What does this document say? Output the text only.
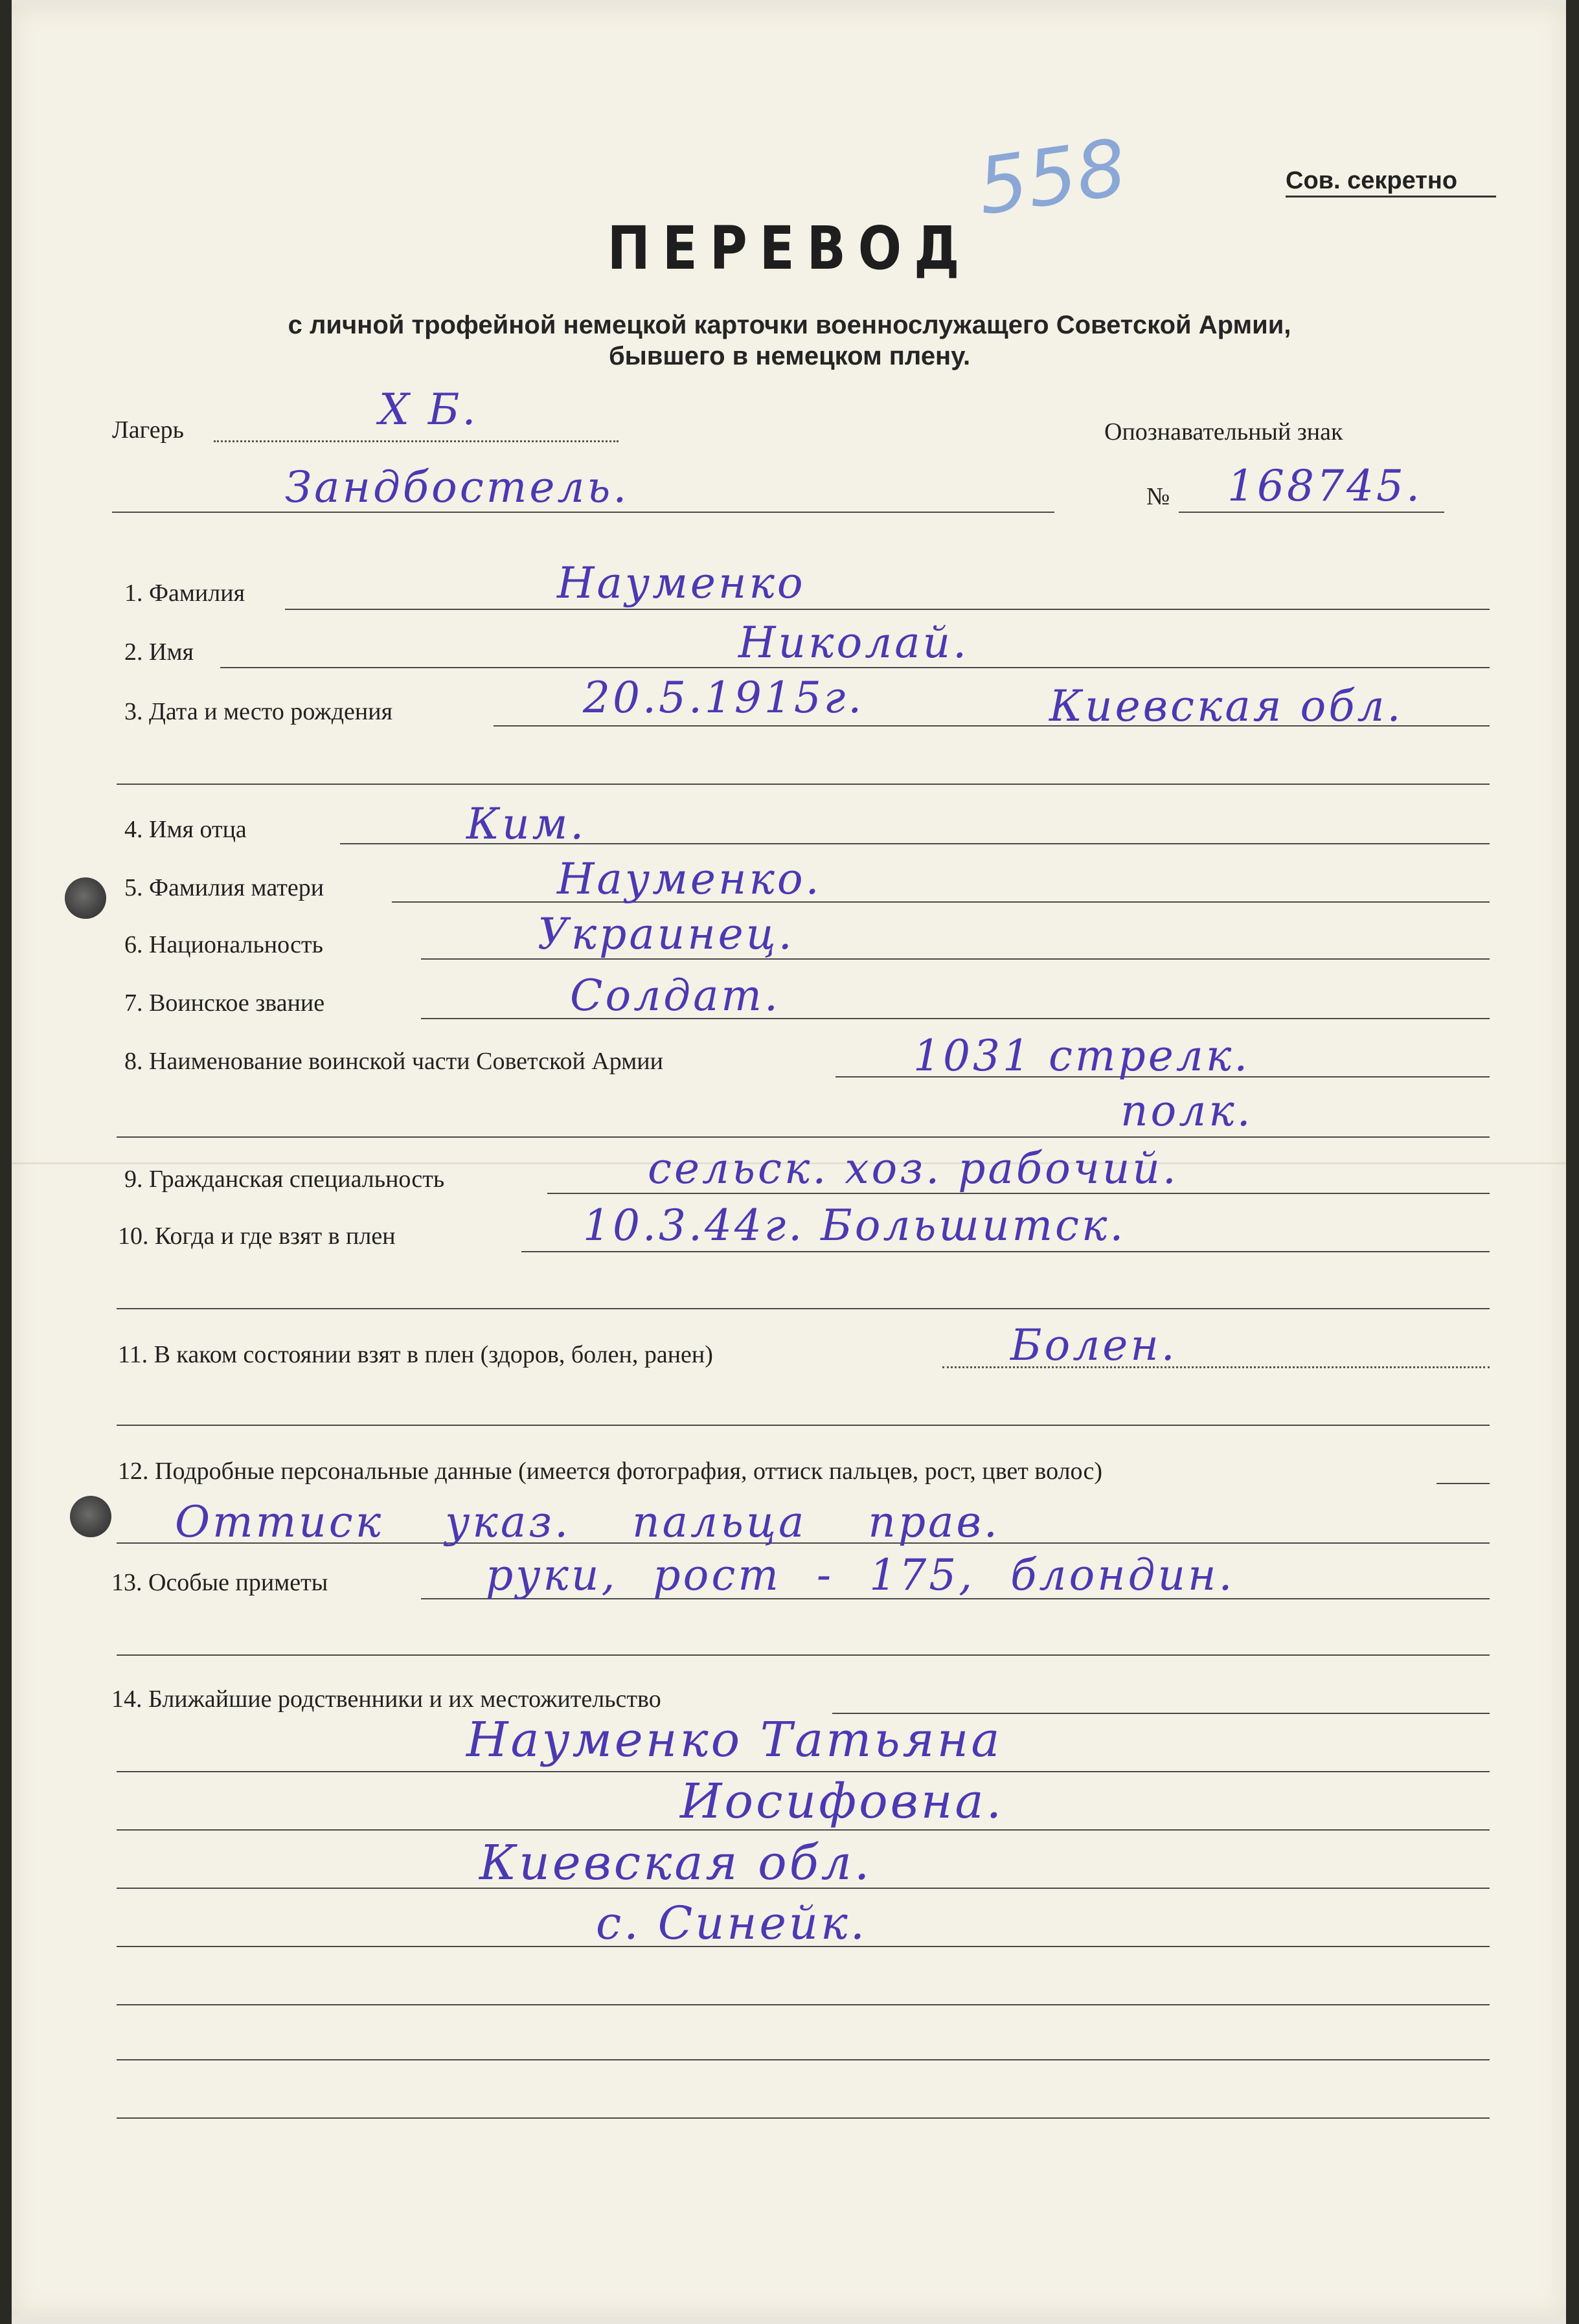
Сов. секретно
558
ПЕРЕВОД
с личной трофейной немецкой карточки военнослужащего Советской Армии,
бывшего в немецком плену.
Лагерь	X Б.	Опознавательный знак
Зандбостель.	№ 168745.
1. Фамилия	Науменко
2. Имя	Николай.
3. Дата и место рождения	20.5.1915г.	Киевская обл.
4. Имя отца	Ким.
5. Фамилия матери	Науменко.
6. Национальность	Украинец.
7. Воинское звание	Солдат.
8. Наименование воинской части Советской Армии	1031 стрелк.
полк.
9. Гражданская специальность	сельск. хоз. рабочий.
10. Когда и где взят в плен	10.3.44г. Большитск.
11. В каком состоянии взят в плен (здоров, болен, ранен)	Болен.
12. Подробные персональные данные (имеется фотография, оттиск пальцев, рост, цвет волос)
Оттиск указ. пальца прав.
13. Особые приметы	руки, рост - 175, блондин.
14. Ближайшие родственники и их местожительство
Науменко Татьяна
Иосифовна.
Киевская обл.
с. Синейк.
